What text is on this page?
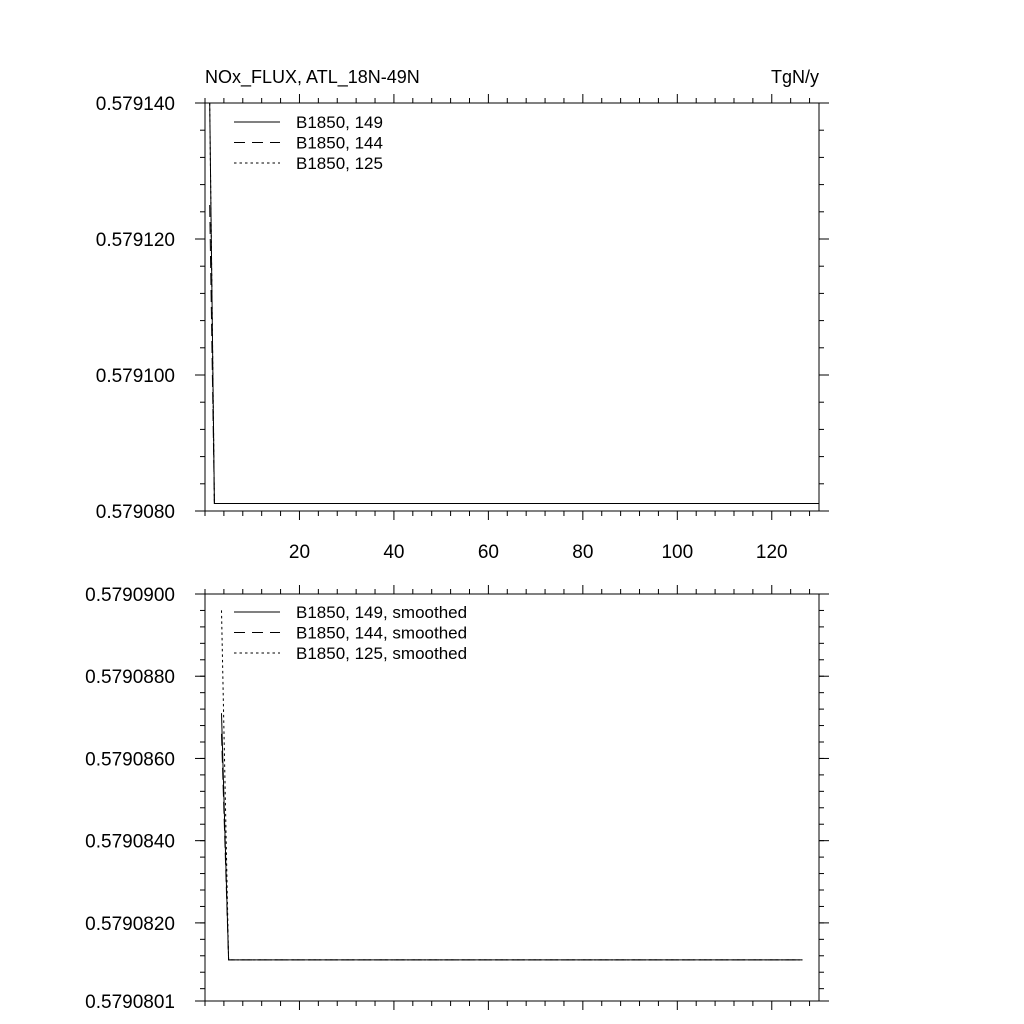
20	40	60	80	100	120
0.579080
0.579100
0.579120
0.579140
NOx_FLUX, ATL_18N-49N	TgN/y
B1850, 149
B1850, 144
B1850, 125
0.5790801
0.5790820
0.5790840
0.5790860
0.5790880
0.5790900
B1850, 149, smoothed
B1850, 144, smoothed
B1850, 125, smoothed
